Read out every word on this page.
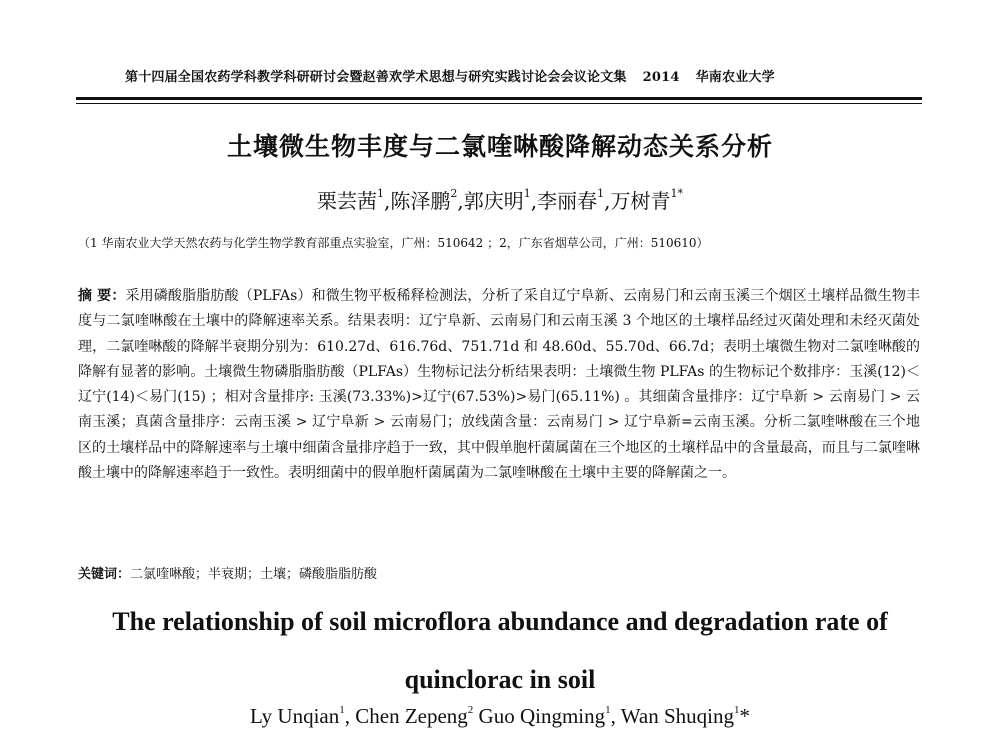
第十四届全国农药学科教学科研研讨会暨赵善欢学术思想与研究实践讨论会会议论文集 2014 华南农业大学
土壤微生物丰度与二氯喹啉酸降解动态关系分析
栗芸茜$^1$,陈泽鹏$^2$,郭庆明$^1$,李丽春$^1$,万树青$^{1*}$
（1 华南农业大学天然农药与化学生物学教育部重点实验室，广州：510642 ；2，广东省烟草公司，广州：510610）
摘 要：采用磷酸脂脂肪酸（PLFAs）和微生物平板稀释检测法，分析了采自辽宁阜新、云南易门和云南玉溪三个烟区土壤样品微生物丰度与二氯喹啉酸在土壤中的降解速率关系。结果表明：辽宁阜新、云南易门和云南玉溪 3 个地区的土壤样品经过灭菌处理和未经灭菌处理，二氯喹啉酸的降解半衰期分别为：610.27d、616.76d、751.71d 和 48.60d、55.70d、66.7d；表明土壤微生物对二氯喹啉酸的降解有显著的影响。土壤微生物磷脂脂肪酸（PLFAs）生物标记法分析结果表明：土壤微生物 PLFAs 的生物标记个数排序：玉溪(12)＜辽宁(14)＜易门(15) ；相对含量排序: 玉溪(73.33%)>辽宁(67.53%)>易门(65.11%) 。其细菌含量排序：辽宁阜新 > 云南易门 > 云南玉溪；真菌含量排序：云南玉溪 > 辽宁阜新 > 云南易门；放线菌含量：云南易门 > 辽宁阜新=云南玉溪。分析二氯喹啉酸在三个地区的土壤样品中的降解速率与土壤中细菌含量排序趋于一致，其中假单胞杆菌属菌在三个地区的土壤样品中的含量最高，而且与二氯喹啉酸土壤中的降解速率趋于一致性。表明细菌中的假单胞杆菌属菌为二氯喹啉酸在土壤中主要的降解菌之一。
关键词：二氯喹啉酸；半衰期；土壤；磷酸脂脂肪酸
The relationship of soil microflora abundance and degradation rate of quinclorac in soil
Ly Unqian$^1$, Chen Zepeng$^2$ Guo Qingming$^1$, Wan Shuqing$^1$*
